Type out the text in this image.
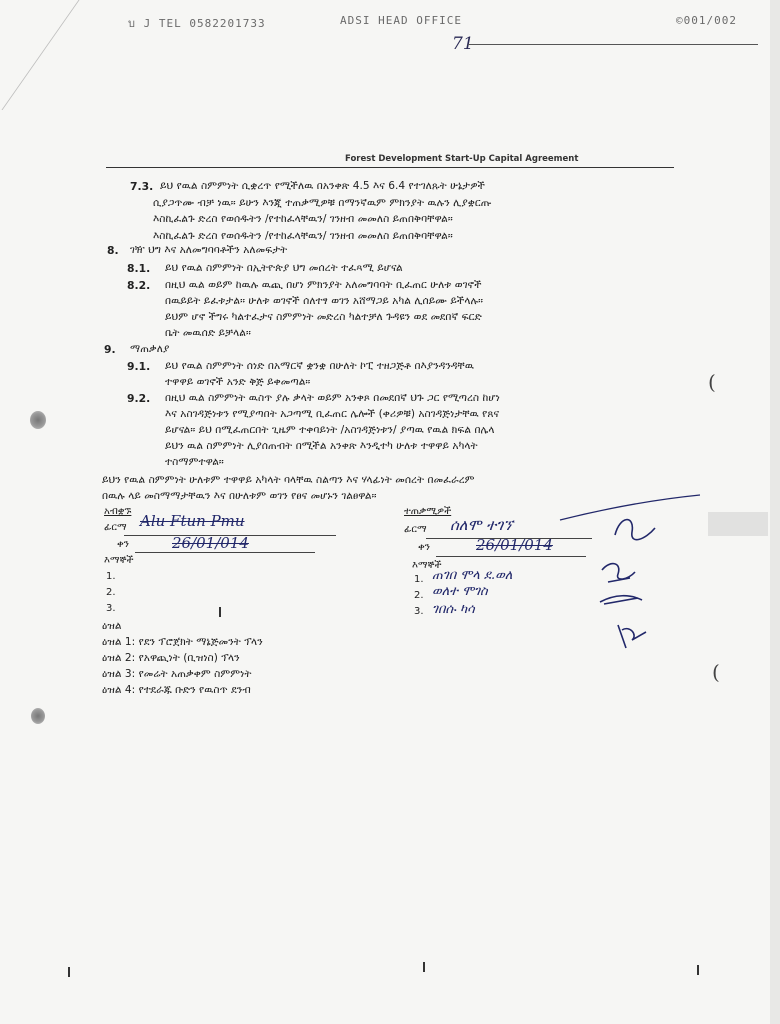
บ J TEL 0582201733	ADSI HEAD OFFICE	©001/002
71
Forest Development Start-Up Capital Agreement
7.3. ይህ የዉል ስምምነት ሲቋረጥ የሚችለዉ በአንቀጽ 4.5 እና 6.4 የተገለጹት ሁኔታዎች
ሲያጋጥሙ ብቻ ነዉ። ይሁን እንጂ ተጠቃሚዎቹ በማንኛዉም ምክንያት ዉሉን ሊያቋርጡ
እስኪፈልጉ ድረስ የወሰዱትን /የተከፈላቸዉን/ ገንዘብ መመለስ ይጠበቅባቸዋል።
እስኪፈልጉ ድረስ የወሰዱትን /የተከፈላቸዉን/ ገንዘብ መመለስ ይጠበቅባቸዋል።
8. ገዥ ህግ እና አለመግባባቶችን አለመፍታት
8.1. ይህ የዉል ስምምነት በኢትዮጵያ ህግ መሰረት ተፈጻሚ ይሆናል
8.2. በዚህ ዉል ወይም ከዉሉ ዉጪ በሆነ ምክንያት አለመግባባት ቢፈጠር ሁለቱ ወገኖች
በዉይይት ይፈቱታል። ሁለቱ ወገኖች ሰለተፃ ወገን አሸማጋይ አካል ሊሰይሙ ይችላሉ።
ይህም ሆኖ ችግሩ ካልተፈታና ስምምነት መድረስ ካልተቻለ ጉዳዩን ወደ መደበኛ ፍርድ
ቤት መዉሰድ ይቻላል።
9. ማጠቃለያ
9.1. ይህ የዉል ስምምነት ሰነድ በአማርኛ ቋንቋ በሁለት ኮፒ ተዘጋጅቶ በእያንዳንዳቸዉ
ተዋዋይ ወገኖች አንድ ቅጅ ይቀመጣል።
9.2. በዚህ ዉል ስምምነት ዉስጥ ያሉ ቃላት ወይም አንቀጾ በመደበኛ ህጉ ጋር የሚጣረስ ከሆነ
እና አስገዳጅነቱን የሚያጣበት አጋጣሚ ቢፈጠር ሌሎች (ቀሪዎቹ) አስገዳጅነታቸዉ የጸና
ይሆናል። ይህ በሚፈጠርበት ጊዜም ተቀባይነት /አስገዳጅነቱን/ ያጣዉ የዉል ክፍል በሌላ
ይህን ዉል ስምምነት ሊያሰጠብት በሚችል አንቀጽ እንዲተካ ሁለቱ ተዋዋይ አካላት
ተስማምተዋል።
ይህን የዉል ስምምነት ሁለቱም ተዋዋይ አካላት ባላቸዉ ስልጣን እና ሃላፊነት መሰረት በመፈራረም
በዉሉ ላይ መስማማታቸዉን እና በሁለቱም ወገን የፀና መሆኑን ገልፀዋል።
አብቋኙ
ፊርማ Alu Ftun Pmu
ቀን	26/01/014
እማኞች
1.
2.
3.
ተጠቃሚዎች
ፊርማ ሰለሞ ተገኘ
ቀን	26/01/014
እማኞች
1.
2.
3.
ጠገበ ሞላ ደ.ወለ
ወለተ ሞገስ
ገበሱ ካሳ
ዕዝል
ዕዝል 1: የደን ፕሮጀክት ማኔጅመንት ፕላን
ዕዝል 2: የአዋጪነት (ቢዝነስ) ፕላን
ዕዝል 3: የመሬት አጠቃቀም ስምምነት
ዕዝል 4: የተደራጁ ቡድን የዉስጥ ደንብ
(
(
